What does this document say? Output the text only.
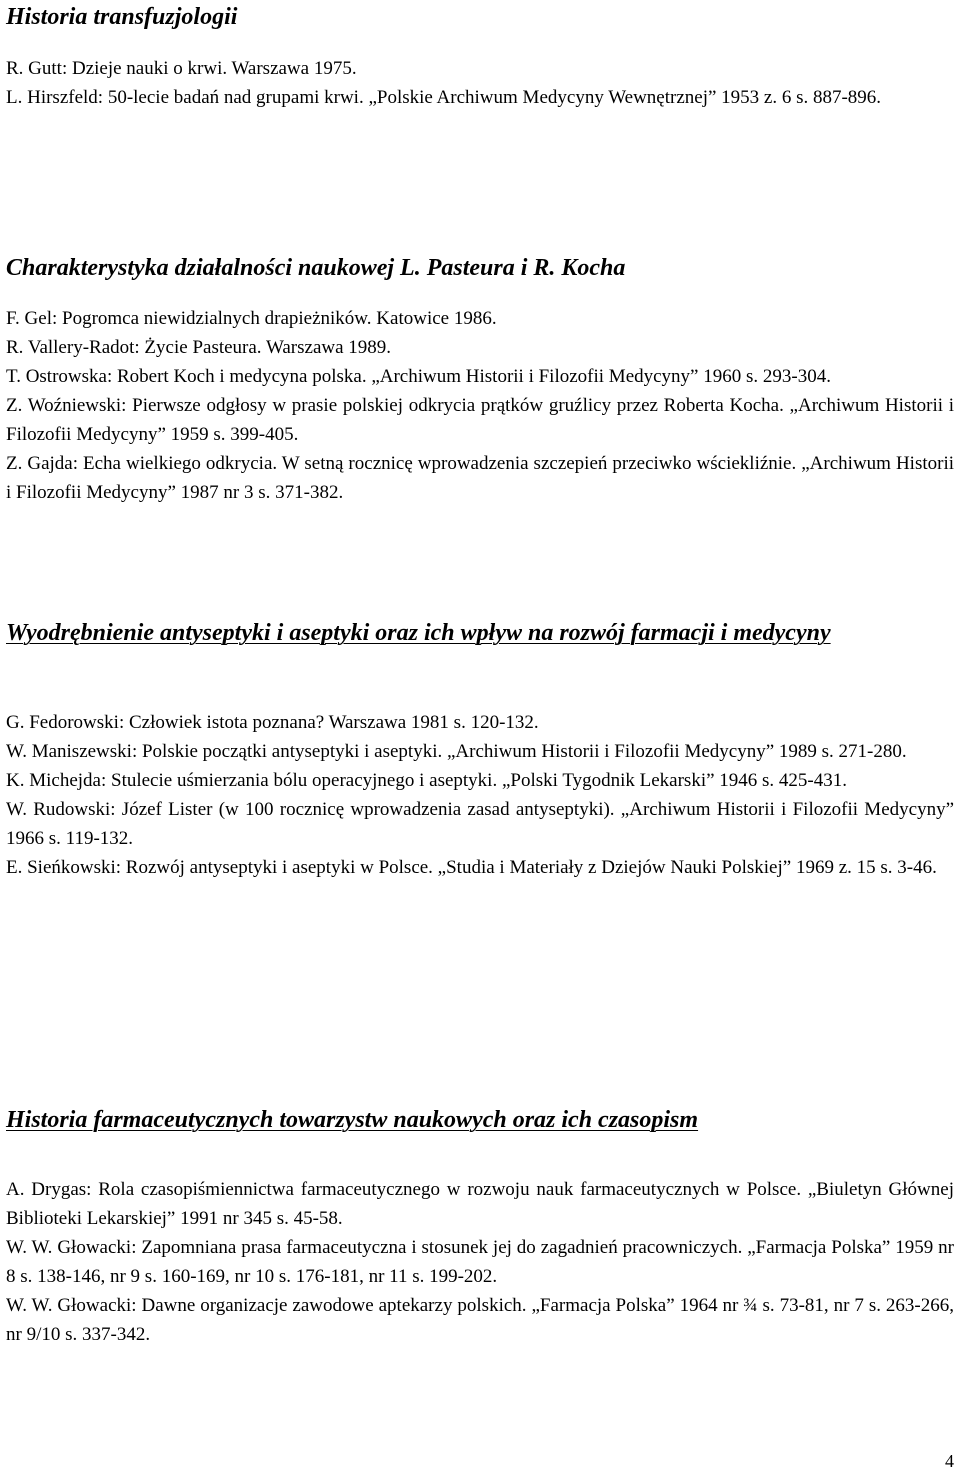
Historia transfuzjologii
R. Gutt: Dzieje nauki o krwi. Warszawa 1975.
L. Hirszfeld: 50-lecie badań nad grupami krwi. „Polskie Archiwum Medycyny Wewnętrznej” 1953 z. 6 s. 887-896.
Charakterystyka działalności naukowej L. Pasteura i R. Kocha
F. Gel: Pogromca niewidzialnych drapieżników. Katowice 1986.
R. Vallery-Radot: Życie Pasteura. Warszawa 1989.
T. Ostrowska: Robert Koch i medycyna polska. „Archiwum Historii i Filozofii Medycyny” 1960 s. 293-304.
Z. Woźniewski: Pierwsze odgłosy w prasie polskiej odkrycia prątków gruźlicy przez Roberta Kocha. „Archiwum Historii i Filozofii Medycyny” 1959 s. 399-405.
Z. Gajda: Echa wielkiego odkrycia. W setną rocznicę wprowadzenia szczepień przeciwko wściekliźnie. „Archiwum Historii i Filozofii Medycyny” 1987 nr 3 s. 371-382.
Wyodrębnienie antyseptyki i aseptyki oraz ich wpływ na rozwój farmacji i medycyny
G. Fedorowski: Człowiek istota poznana? Warszawa 1981 s. 120-132.
W. Maniszewski: Polskie początki antyseptyki i aseptyki. „Archiwum Historii i Filozofii Medycyny” 1989 s. 271-280.
K. Michejda: Stulecie uśmierzania bólu operacyjnego i aseptyki. „Polski Tygodnik Lekarski” 1946 s. 425-431.
W. Rudowski: Józef Lister (w 100 rocznicę wprowadzenia zasad antyseptyki). „Archiwum Historii i Filozofii Medycyny” 1966 s. 119-132.
E. Sieńkowski: Rozwój antyseptyki i aseptyki w Polsce. „Studia i Materiały z Dziejów Nauki Polskiej” 1969 z. 15 s. 3-46.
Historia farmaceutycznych towarzystw naukowych oraz ich czasopism
A. Drygas: Rola czasopiśmiennictwa farmaceutycznego w rozwoju nauk farmaceutycznych w Polsce. „Biuletyn Głównej Biblioteki Lekarskiej” 1991 nr 345 s. 45-58.
W. W. Głowacki: Zapomniana prasa farmaceutyczna i stosunek jej do zagadnień pracowniczych. „Farmacja Polska” 1959 nr 8 s. 138-146, nr 9 s. 160-169, nr 10 s. 176-181, nr 11 s. 199-202.
W. W. Głowacki: Dawne organizacje zawodowe aptekarzy polskich. „Farmacja Polska” 1964 nr ¾ s. 73-81, nr 7 s. 263-266, nr 9/10 s. 337-342.
4
